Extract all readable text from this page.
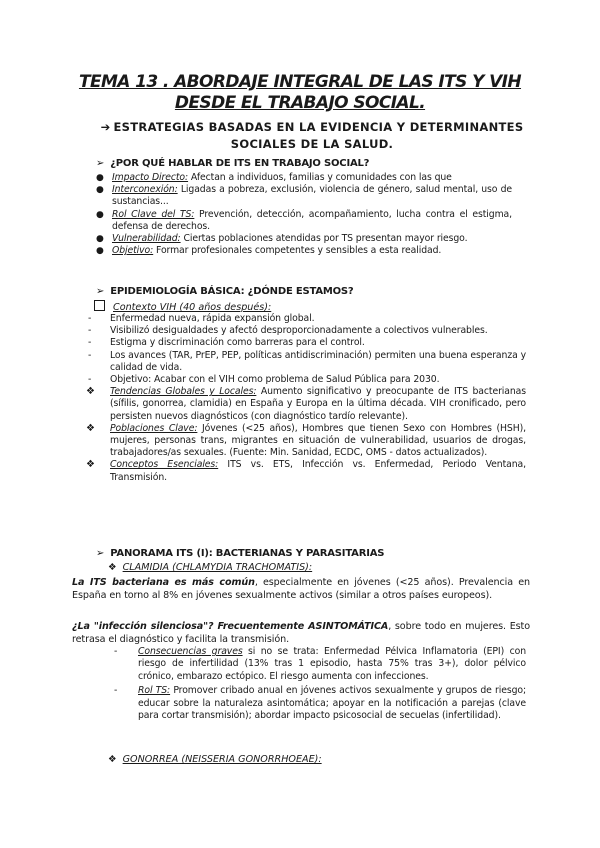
TEMA 13 . ABORDAJE INTEGRAL DE LAS ITS Y VIH DESDE EL TRABAJO SOCIAL.
➔ ESTRATEGIAS BASADAS EN LA EVIDENCIA Y DETERMINANTES SOCIALES DE LA SALUD.
➢ ¿POR QUÉ HABLAR DE ITS EN TRABAJO SOCIAL?
● Impacto Directo: Afectan a individuos, familias y comunidades con las que
● Interconexión: Ligadas a pobreza, exclusión, violencia de género, salud mental, uso de sustancias...
● Rol Clave del TS: Prevención, detección, acompañamiento, lucha contra el estigma, defensa de derechos.
● Vulnerabilidad: Ciertas poblaciones atendidas por TS presentan mayor riesgo.
● Objetivo: Formar profesionales competentes y sensibles a esta realidad.
➢ EPIDEMIOLOGÍA BÁSICA: ¿DÓNDE ESTAMOS?
Contexto VIH (40 años después):
- Enfermedad nueva, rápida expansión global.
- Visibilizó desigualdades y afectó desproporcionadamente a colectivos vulnerables.
- Estigma y discriminación como barreras para el control.
- Los avances (TAR, PrEP, PEP, políticas antidiscriminación) permiten una buena esperanza y calidad de vida.
- Objetivo: Acabar con el VIH como problema de Salud Pública para 2030.
❖ Tendencias Globales y Locales: Aumento significativo y preocupante de ITS bacterianas (sífilis, gonorrea, clamidia) en España y Europa en la última década. VIH cronificado, pero persisten nuevos diagnósticos (con diagnóstico tardío relevante).
❖ Poblaciones Clave: Jóvenes (<25 años), Hombres que tienen Sexo con Hombres (HSH), mujeres, personas trans, migrantes en situación de vulnerabilidad, usuarios de drogas, trabajadores/as sexuales. (Fuente: Min. Sanidad, ECDC, OMS - datos actualizados).
❖ Conceptos Esenciales: ITS vs. ETS, Infección vs. Enfermedad, Periodo Ventana, Transmisión.
➢ PANORAMA ITS (I): BACTERIANAS Y PARASITARIAS
❖ CLAMIDIA (CHLAMYDIA TRACHOMATIS):
La ITS bacteriana es más común, especialmente en jóvenes (<25 años). Prevalencia en España en torno al 8% en jóvenes sexualmente activos (similar a otros países europeos).
¿La "infección silenciosa"? Frecuentemente ASINTOMÁTICA, sobre todo en mujeres. Esto retrasa el diagnóstico y facilita la transmisión.
- Consecuencias graves si no se trata: Enfermedad Pélvica Inflamatoria (EPI) con riesgo de infertilidad (13% tras 1 episodio, hasta 75% tras 3+), dolor pélvico crónico, embarazo ectópico. El riesgo aumenta con infecciones.
- Rol TS: Promover cribado anual en jóvenes activos sexualmente y grupos de riesgo; educar sobre la naturaleza asintomática; apoyar en la notificación a parejas (clave para cortar transmisión); abordar impacto psicosocial de secuelas (infertilidad).
❖ GONORREA (NEISSERIA GONORRHOEAE):
